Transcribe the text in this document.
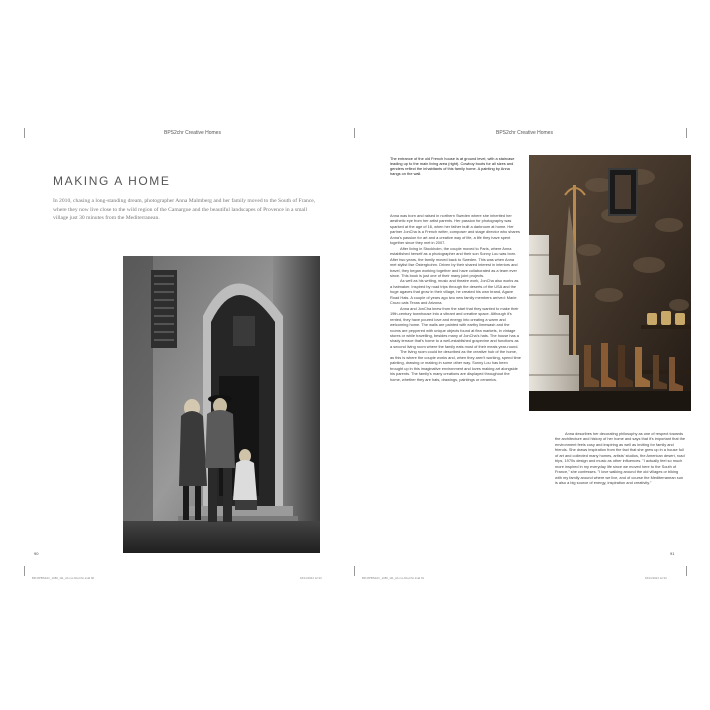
BPS2chr Creative Homes	BPS2chr Creative Homes
MAKING A HOME

In 2010, chasing a long-standing dream, photographer Anna Malmberg and her family moved to the South of France, where they now live close to the wild region of the Camargue and the beautiful landscapes of Provence in a small village just 30 minutes from the Mediterranean.

90

The entrance of the old French house is at ground level, with a staircase leading up to the main living area (right). Cowboy boots for all sizes and genders reflect the inhabitants of this family home. A painting by Anna hangs on the wall.

Anna was born and raised in northern Sweden where she inherited her aesthetic eye from her artist parents. Her passion for photography was sparked at the age of 16, when her father built a darkroom at home. Her partner JonCha is a French writer, composer and stage director who shares Anna's passion for art and a creative way of life, a life they have spent together since they met in 2007.

After living in Stockholm, the couple moved to Paris, where Anna established herself as a photographer and their son Sonny Lou was born. After two years, the family moved back to Sweden. This was when Anna met stylist Ilse Östergbohm. Driven by their shared interest in interiors and travel, they began working together and have collaborated as a team ever since. This book is just one of their many joint projects.

As well as his writing, music and theatre work, JonCha also works as a hatmaker. Inspired by road trips through the deserts of the USA and the huge agaves that grow in their village, he created his own brand, Agave Road Hats. A couple of years ago two new family members arrived: Marie Cruzo cats Texas and Arizona.

Anna and JonCha knew from the start that they wanted to make their 19th-century townhouse into a vibrant and creative space. Although it's rented, they have poured love and energy into creating a warm and welcoming home. The walls are painted with earthy limewash and the rooms are peppered with unique objects found at flea markets, in vintage stores or while travelling, besides many of JonCha's hats. The house has a shady terrace that's home to a well-established grapevine and functions as a second living room where the family eats most of their meals year-round.

The living room could be described as the creative hub of the home, as this is where the couple works and, when they aren't working, spend time painting, drawing or making in some other way. Sonny Lou has been brought up in this imaginative environment and loves making art alongside his parents. The family's many creations are displayed throughout the home, whether they are hats, drawings, paintings or ceramics.

Anna describes her decorating philosophy as one of respect towards the architecture and history of her home and says that it's important that the environment feels cosy and inspiring as well as inviting for family and friends. She draws inspiration from the fact that she grew up in a house full of art and collected many homes, artists' studios, the American desert, road trips, 1970s design and music as other influences. "I actually feel so much more inspired in my everyday life since we moved here to the South of France," she confesses. "I love walking around the old villages or biking with my family around where we live, and of course the Mediterranean sun is also a big source of energy, inspiration and creativity."

91
BR MPBS2chr_1080_111_Ab.mo.bha.hhn.indd 90	18/11/2024 12:34	BR MPBS2chr_1080_111_Ab.mo.bha.hhn.indd 91	18/11/2024 12:34
